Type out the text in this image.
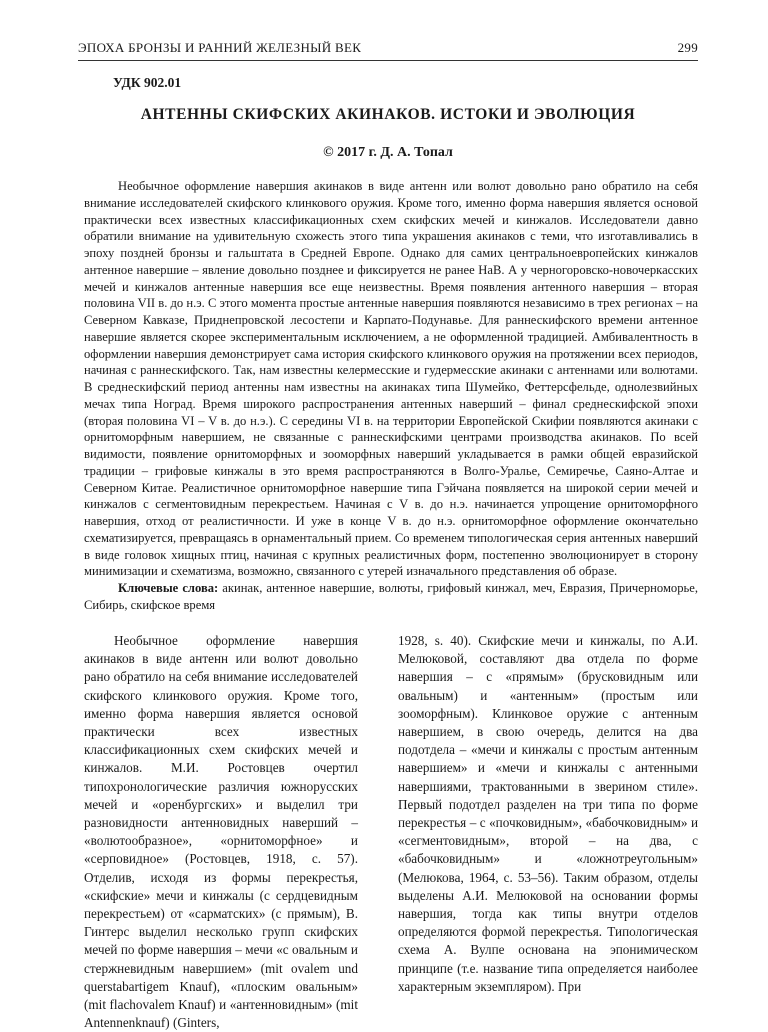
ЭПОХА БРОНЗЫ И РАННИЙ ЖЕЛЕЗНЫЙ ВЕК	299
УДК 902.01
АНТЕННЫ СКИФСКИХ АКИНАКОВ. ИСТОКИ И ЭВОЛЮЦИЯ
© 2017 г. Д. А. Топал

Необычное оформление навершия акинаков в виде антенн или волют довольно рано обратило на себя внимание исследователей скифского клинкового оружия. Кроме того, именно форма навершия является основой практически всех известных классификационных схем скифских мечей и кинжалов. Исследователи давно обратили внимание на удивительную схожесть этого типа украшения акинаков с теми, что изготавливались в эпоху поздней бронзы и гальштата в Средней Европе. Однако для самих центральноевропейских кинжалов антенное навершие – явление довольно позднее и фиксируется не ранее НаВ. А у черногоровско-новочеркасских мечей и кинжалов антенные навершия все еще неизвестны. Время появления антенного навершия – вторая половина VII в. до н.э. С этого момента простые антенные навершия появляются независимо в трех регионах – на Северном Кавказе, Приднепровской лесостепи и Карпато-Подунавье. Для раннескифского времени антенное навершие является скорее экспериментальным исключением, а не оформленной традицией. Амбивалентность в оформлении навершия демонстрирует сама история скифского клинкового оружия на протяжении всех периодов, начиная с раннескифского. Так, нам известны келермесские и гудермесские акинаки с антеннами или волютами. В среднескифский период антенны нам известны на акинаках типа Шумейко, Феттерсфельде, однолезвийных мечах типа Ноград. Время широкого распространения антенных наверший – финал среднескифской эпохи (вторая половина VI – V в. до н.э.). С середины VI в. на территории Европейской Скифии появляются акинаки с орнитоморфным навершием, не связанные с раннескифскими центрами производства акинаков. По всей видимости, появление орнитоморфных и зооморфных наверший укладывается в рамки общей евразийской традиции – грифовые кинжалы в это время распространяются в Волго-Уралье, Семиречье, Саяно-Алтае и Северном Китае. Реалистичное орнитоморфное навершие типа Гэйчана появляется на широкой серии мечей и кинжалов с сегментовидным перекрестьем. Начиная с V в. до н.э. начинается упрощение орнитоморфного навершия, отход от реалистичности. И уже в конце V в. до н.э. орнитоморфное оформление окончательно схематизируется, превращаясь в орнаментальный прием. Со временем типологическая серия антенных наверший в виде головок хищных птиц, начиная с крупных реалистичных форм, постепенно эволюционирует в сторону минимизации и схематизма, возможно, связанного с утерей изначального представления об образе.

Ключевые слова: акинак, антенное навершие, волюты, грифовый кинжал, меч, Евразия, Причерноморье, Сибирь, скифское время

Необычное оформление навершия акинаков в виде антенн или волют довольно рано обратило на себя внимание исследователей скифского клинкового оружия. Кроме того, именно форма навершия является основой практически всех известных классификационных схем скифских мечей и кинжалов. М.И. Ростовцев очертил типохронологические различия южнорусских мечей и «оренбургских» и выделил три разновидности антенновидных наверший – «волютообразное», «орнитоморфное» и «серповидное» (Ростовцев, 1918, с. 57). Отделив, исходя из формы перекрестья, «скифские» мечи и кинжалы (с сердцевидным перекрестьем) от «сарматских» (с прямым), В. Гинтерс выделил несколько групп скифских мечей по форме навершия – мечи «с овальным и стержневидным навершием» (mit ovalem und querstabartigem Knauf), «плоским овальным» (mit flachovalem Knauf) и «антенновидным» (mit Antennenknauf) (Ginters,

1928, s. 40). Скифские мечи и кинжалы, по А.И. Мелюковой, составляют два отдела по форме навершия – с «прямым» (брусковидным или овальным) и «антенным» (простым или зооморфным). Клинковое оружие с антенным навершием, в свою очередь, делится на два подотдела – «мечи и кинжалы с простым антенным навершием» и «мечи и кинжалы с антенными навершиями, трактованными в зверином стиле». Первый подотдел разделен на три типа по форме перекрестья – с «почковидным», «бабочковидным» и «сегментовидным», второй – на два, с «бабочковидным» и «ложнотреугольным» (Мелюкова, 1964, с. 53–56). Таким образом, отделы выделены А.И. Мелюковой на основании формы навершия, тогда как типы внутри отделов определяются формой перекрестья. Типологическая схема А. Вулпе основана на эпонимическом принципе (т.е. название типа определяется наиболее характерным экземпляром). При
